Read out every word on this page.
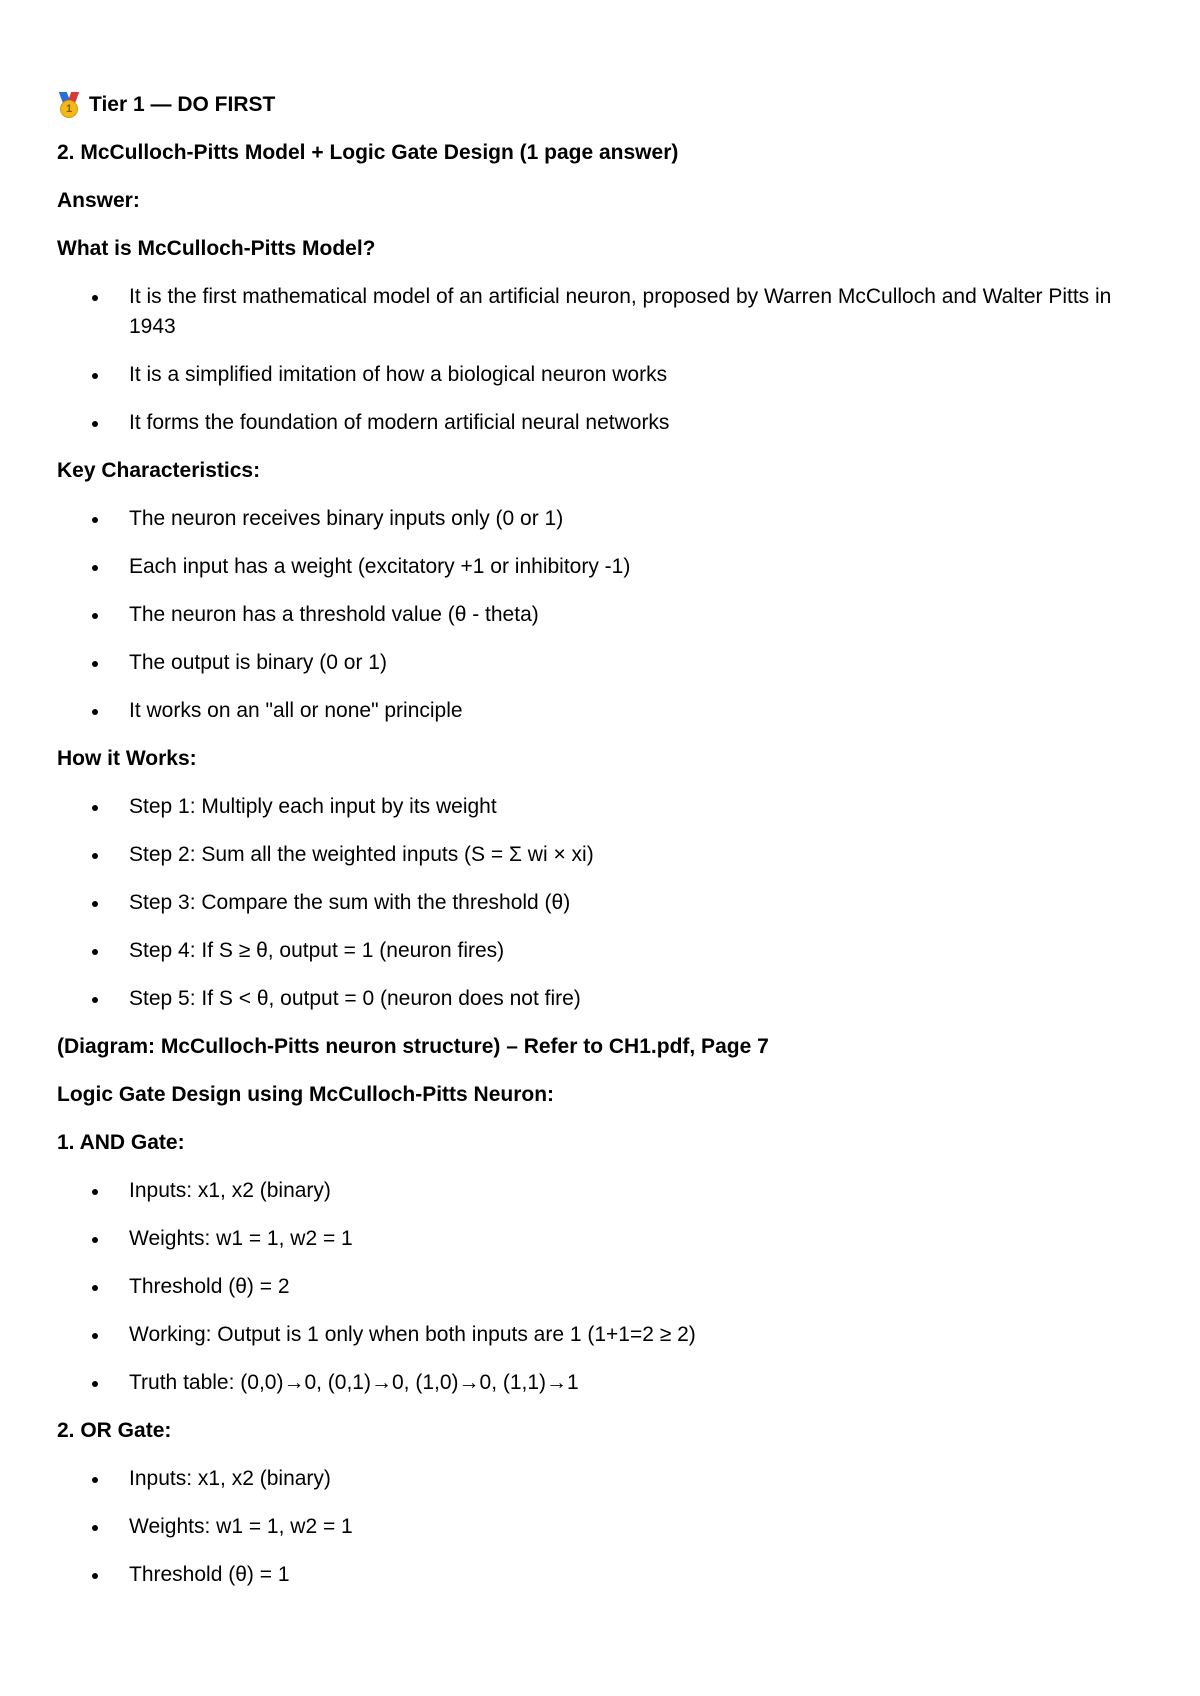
1 Tier 1 — DO FIRST
2. McCulloch-Pitts Model + Logic Gate Design (1 page answer)
Answer:
What is McCulloch-Pitts Model?
It is the first mathematical model of an artificial neuron, proposed by Warren McCulloch and Walter Pitts in 1943
It is a simplified imitation of how a biological neuron works
It forms the foundation of modern artificial neural networks
Key Characteristics:
The neuron receives binary inputs only (0 or 1)
Each input has a weight (excitatory +1 or inhibitory -1)
The neuron has a threshold value (θ - theta)
The output is binary (0 or 1)
It works on an "all or none" principle
How it Works:
Step 1: Multiply each input by its weight
Step 2: Sum all the weighted inputs (S = Σ wi × xi)
Step 3: Compare the sum with the threshold (θ)
Step 4: If S ≥ θ, output = 1 (neuron fires)
Step 5: If S < θ, output = 0 (neuron does not fire)
(Diagram: McCulloch-Pitts neuron structure) – Refer to CH1.pdf, Page 7
Logic Gate Design using McCulloch-Pitts Neuron:
1. AND Gate:
Inputs: x1, x2 (binary)
Weights: w1 = 1, w2 = 1
Threshold (θ) = 2
Working: Output is 1 only when both inputs are 1 (1+1=2 ≥ 2)
Truth table: (0,0)→0, (0,1)→0, (1,0)→0, (1,1)→1
2. OR Gate:
Inputs: x1, x2 (binary)
Weights: w1 = 1, w2 = 1
Threshold (θ) = 1
